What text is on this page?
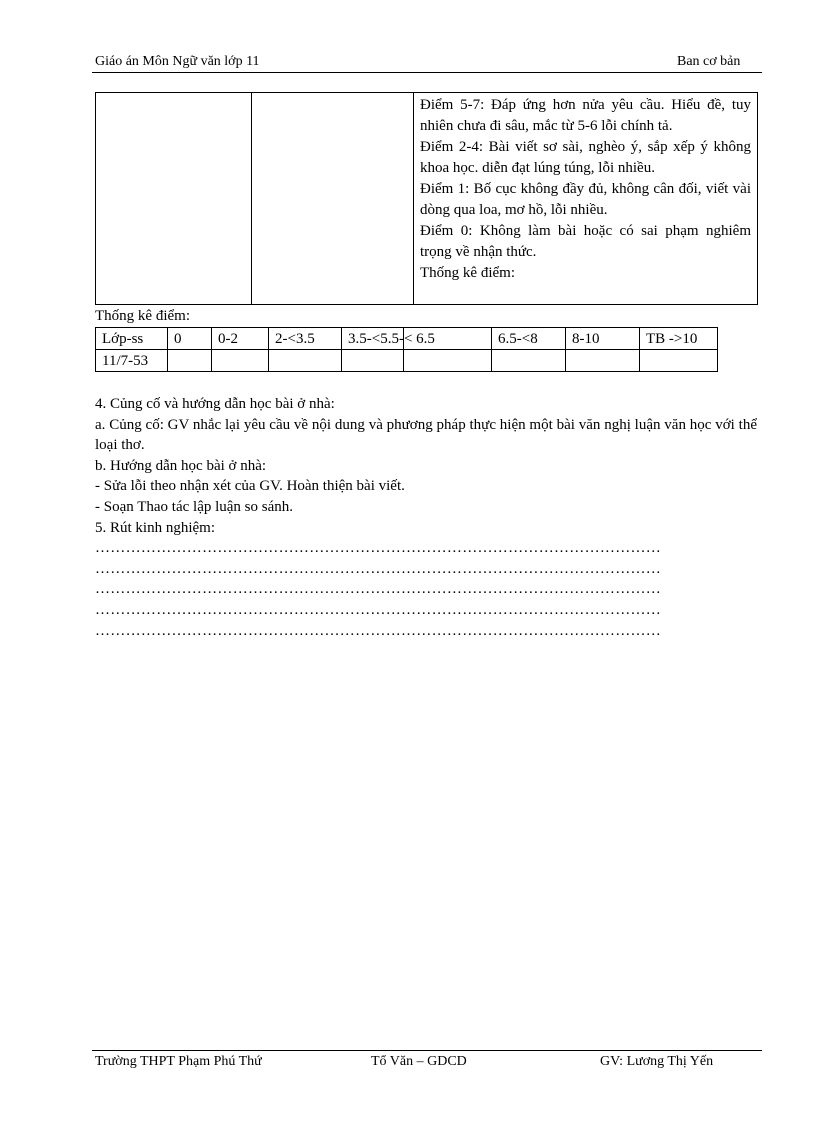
Giáo án Môn Ngữ văn lớp 11	Ban cơ bản

Điểm 5-7: Đáp ứng hơn nửa yêu cầu. Hiểu đề, tuy nhiên chưa đi sâu, mắc từ 5-6 lỗi chính tả.
Điểm 2-4: Bài viết sơ sài, nghèo ý, sắp xếp ý không khoa học. diễn đạt lúng túng, lỗi nhiều.
Điểm 1: Bố cục không đầy đủ, không cân đối, viết vài dòng qua loa, mơ hồ, lỗi nhiều.
Điểm 0: Không làm bài hoặc có sai phạm nghiêm trọng về nhận thức.
Thống kê điểm:
Thống kê điểm:
Lớp-ss	0	0-2	2-<3.5	3.5-<5.5-< 6.5		6.5-<8	8-10	TB ->10
11/7-53								

4. Củng cố và hướng dẫn học bài ở nhà:

a. Củng cố: GV nhắc lại yêu cầu về nội dung và phương pháp thực hiện một bài văn nghị luận văn học với thể loại thơ.

b. Hướng dẫn học bài ở nhà:

- Sửa lỗi theo nhận xét của GV. Hoàn thiện bài viết.

- Soạn Thao tác lập luận so sánh.

5. Rút kinh nghiệm:

…………………………………………………………………………………………………

…………………………………………………………………………………………………

…………………………………………………………………………………………………

…………………………………………………………………………………………………

…………………………………………………………………………………………………

Trường THPT Phạm Phú Thứ	Tổ Văn – GDCD	GV: Lương Thị Yến
